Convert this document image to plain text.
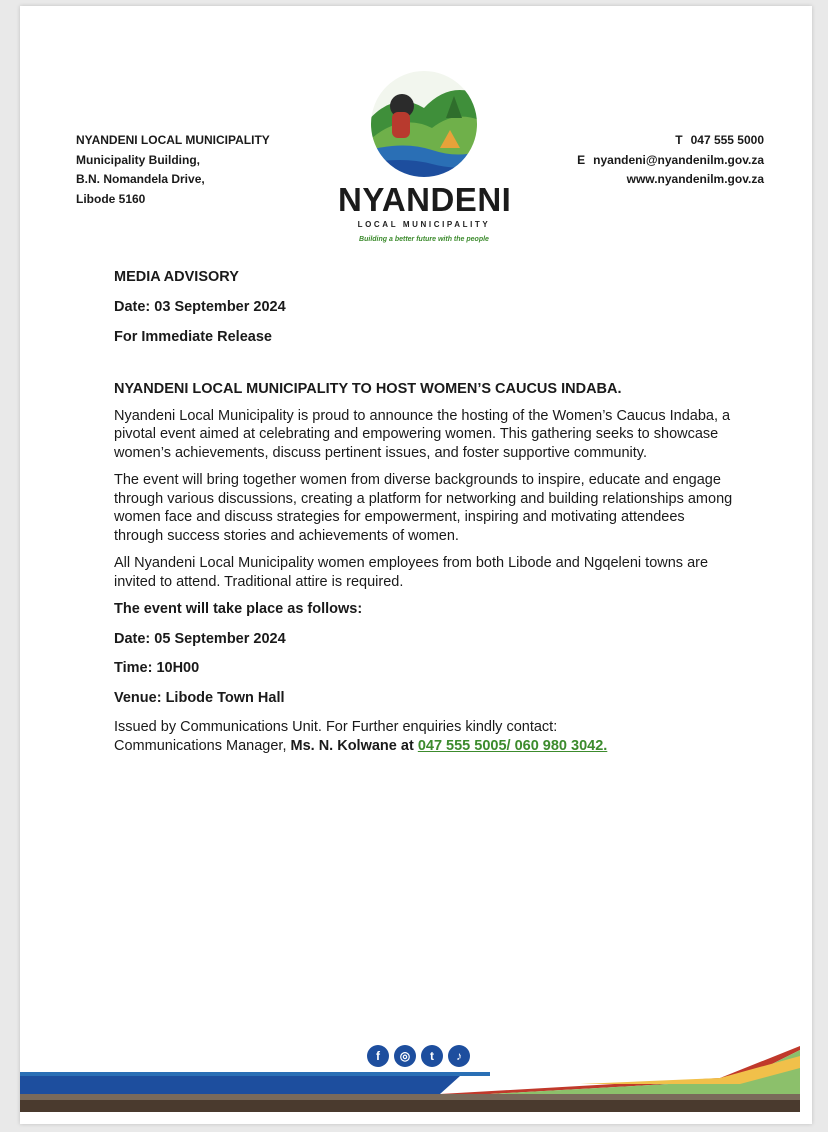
NYANDENI LOCAL MUNICIPALITY
Municipality Building,
B.N. Nomandela Drive,
Libode 5160	NYANDENI
LOCAL MUNICIPALITY
Building a better future with the people
T 047 555 5000
E nyandeni@nyandenilm.gov.za
www.nyandenilm.gov.za
MEDIA ADVISORY
Date: 03 September 2024
For Immediate Release
NYANDENI LOCAL MUNICIPALITY TO HOST WOMEN’S CAUCUS INDABA.

Nyandeni Local Municipality is proud to announce the hosting of the Women’s Caucus Indaba, a pivotal event aimed at celebrating and empowering women. This gathering seeks to showcase women’s achievements, discuss pertinent issues, and foster supportive community.

The event will bring together women from diverse backgrounds to inspire, educate and engage through various discussions, creating a platform for networking and building relationships among women face and discuss strategies for empowerment, inspiring and motivating attendees through success stories and achievements of women.

All Nyandeni Local Municipality women employees from both Libode and Ngqeleni towns are invited to attend. Traditional attire is required.

The event will take place as follows:
Date: 05 September 2024
Time: 10H00
Venue: Libode Town Hall

Issued by Communications Unit. For Further enquiries kindly contact:
Communications Manager, Ms. N. Kolwane at 047 555 5005/ 060 980 3042.

f	◎	t	♪
